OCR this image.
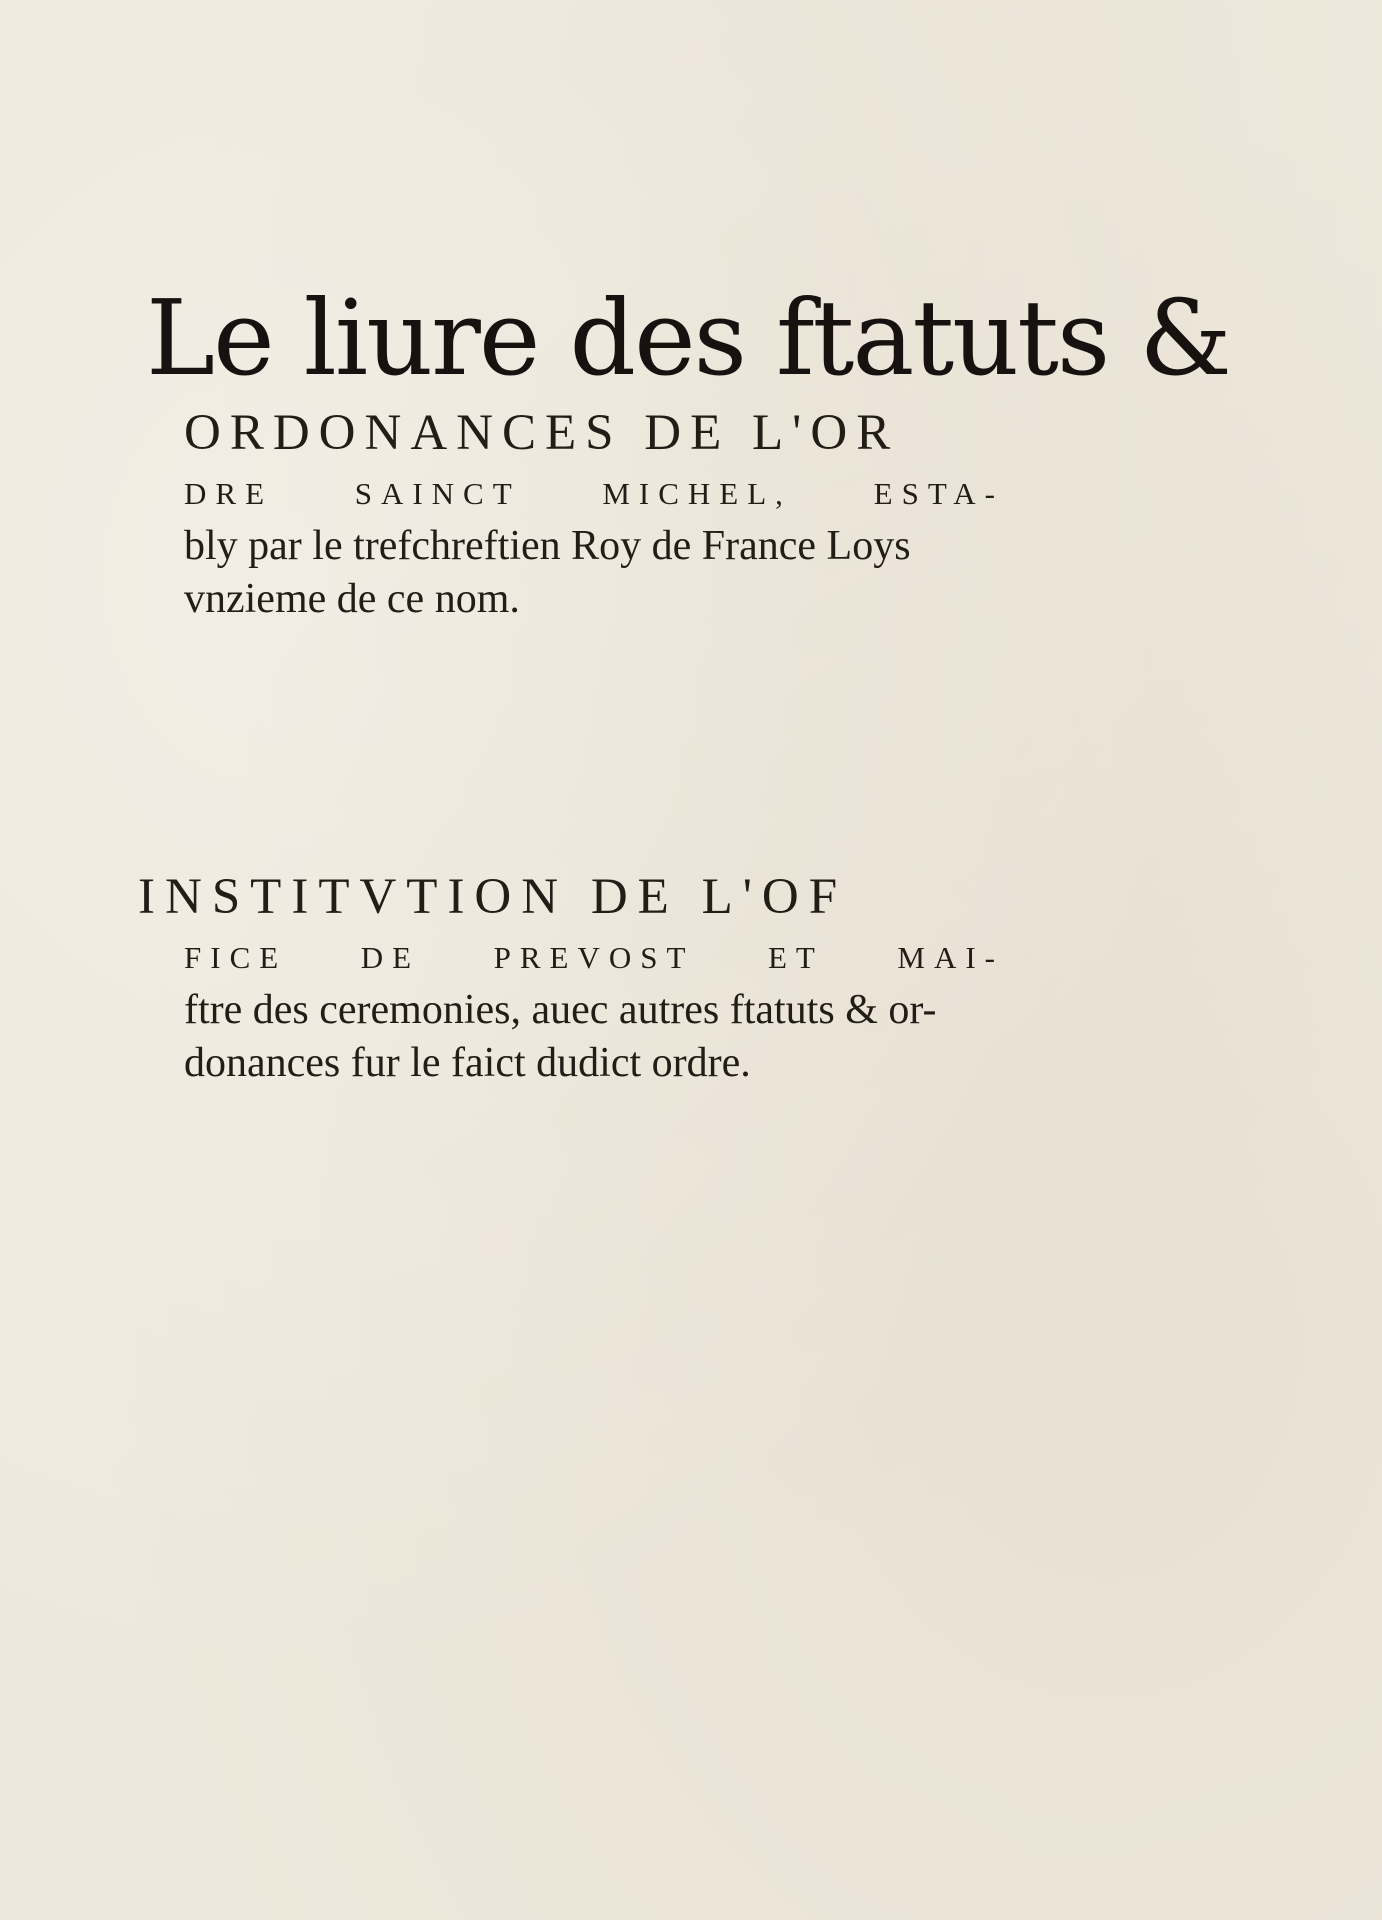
Le liure des ftatuts &
ORDONANCES DE L'OR
DRE	SAINCT	MICHEL,	ESTA-
bly par le trefchreftien Roy de France Loys
vnzieme de ce nom.
INSTITVTION DE L'OF
FICE DE PREVOST ET MAI-
ftre des ceremonies, auec autres ftatuts & or-
donances fur le faict dudict ordre.
